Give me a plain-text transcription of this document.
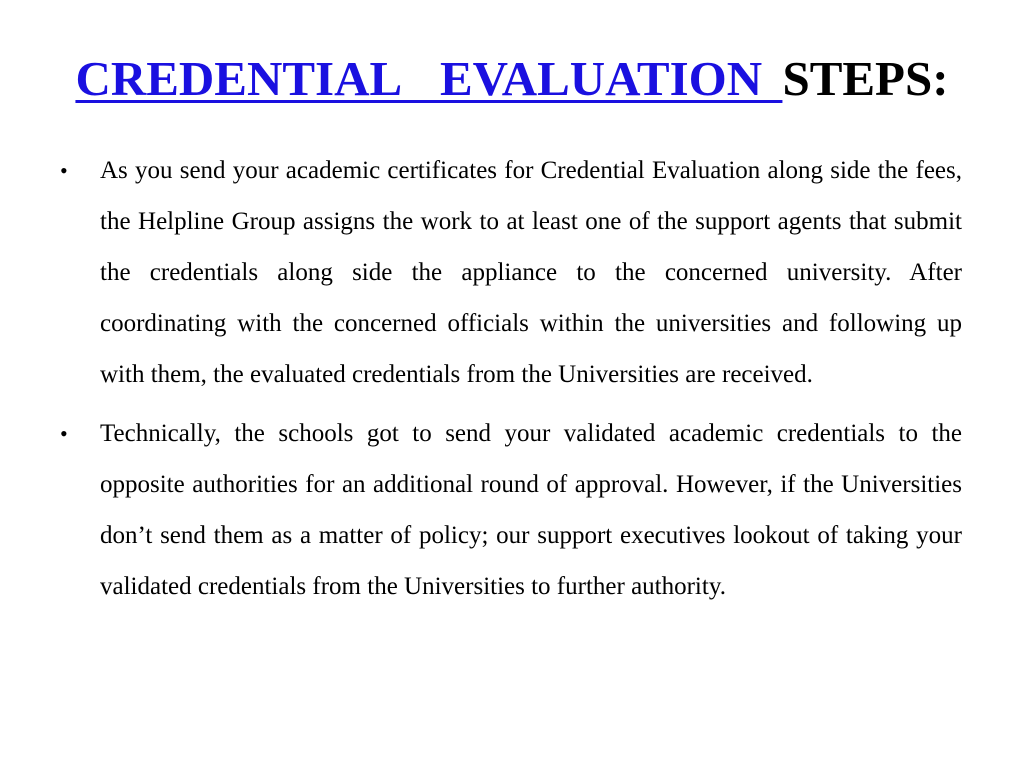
CREDENTIAL  EVALUATION STEPS:
• As you send your academic certificates for Credential Evaluation along side the fees, the Helpline Group assigns the work to at least one of the support agents that submit the credentials along side the appliance to the concerned university. After coordinating with the concerned officials within the universities and following up with them, the evaluated credentials from the Universities are received.
• Technically, the schools got to send your validated academic credentials to the opposite authorities for an additional round of approval. However, if the Universities don’t send them as a matter of policy; our support executives lookout of taking your validated credentials from the Universities to further authority.
